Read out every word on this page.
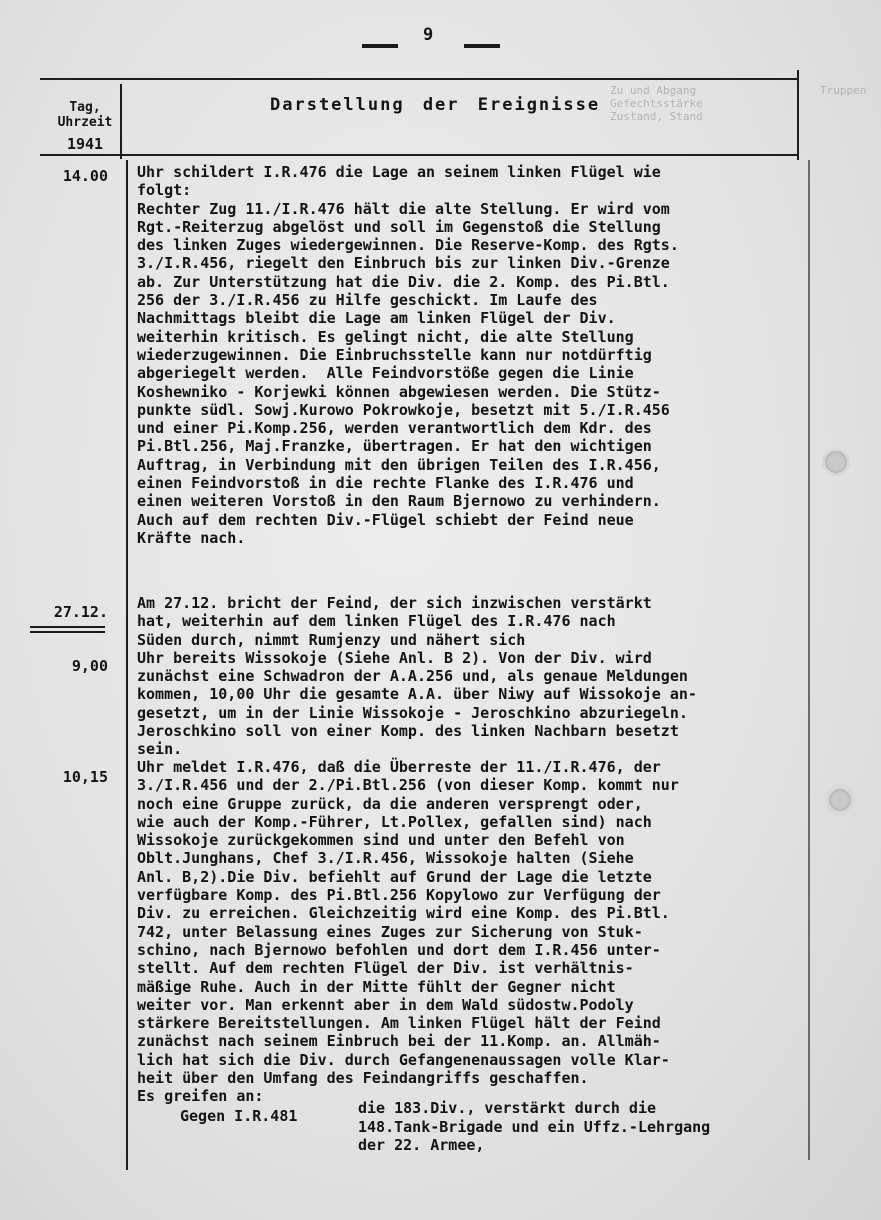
9
Tag,
Uhrzeit
1941
Darstellung der Ereignisse
Zu und Abgang
Gefechtsstärke
Zustand, Stand
Truppen
14.00 Uhr schildert I.R.476 die Lage an seinem linken Flügel wie
folgt:
Rechter Zug 11./I.R.476 hält die alte Stellung. Er wird vom
Rgt.-Reiterzug abgelöst und soll im Gegenstoß die Stellung
des linken Zuges wiedergewinnen. Die Reserve-Komp. des Rgts.
3./I.R.456, riegelt den Einbruch bis zur linken Div.-Grenze
ab. Zur Unterstützung hat die Div. die 2. Komp. des Pi.Btl.
256 der 3./I.R.456 zu Hilfe geschickt. Im Laufe des
Nachmittags bleibt die Lage am linken Flügel der Div.
weiterhin kritisch. Es gelingt nicht, die alte Stellung
wiederzugewinnen. Die Einbruchsstelle kann nur notdürftig
abgeriegelt werden.  Alle Feindvorstöße gegen die Linie
Koshewniko - Korjewki können abgewiesen werden. Die Stütz-
punkte südl. Sowj.Kurowo Pokrowkoje, besetzt mit 5./I.R.456
und einer Pi.Komp.256, werden verantwortlich dem Kdr. des
Pi.Btl.256, Maj.Franzke, übertragen. Er hat den wichtigen
Auftrag, in Verbindung mit den übrigen Teilen des I.R.456,
einen Feindvorstoß in die rechte Flanke des I.R.476 und
einen weiteren Vorstoß in den Raum Bjernowo zu verhindern.
Auch auf dem rechten Div.-Flügel schiebt der Feind neue
Kräfte nach.
27.12.
9,00
Am 27.12. bricht der Feind, der sich inzwischen verstärkt
hat, weiterhin auf dem linken Flügel des I.R.476 nach
Süden durch, nimmt Rumjenzy und nähert sich
Uhr bereits Wissokoje (Siehe Anl. B 2). Von der Div. wird
zunächst eine Schwadron der A.A.256 und, als genaue Meldungen
kommen, 10,00 Uhr die gesamte A.A. über Niwy auf Wissokoje an-
gesetzt, um in der Linie Wissokoje - Jeroschkino abzuriegeln.
Jeroschkino soll von einer Komp. des linken Nachbarn besetzt
sein.
10,15
Uhr meldet I.R.476, daß die Überreste der 11./I.R.476, der
3./I.R.456 und der 2./Pi.Btl.256 (von dieser Komp. kommt nur
noch eine Gruppe zurück, da die anderen versprengt oder,
wie auch der Komp.-Führer, Lt.Pollex, gefallen sind) nach
Wissokoje zurückgekommen sind und unter den Befehl von
Oblt.Junghans, Chef 3./I.R.456, Wissokoje halten (Siehe
Anl. B,2).Die Div. befiehlt auf Grund der Lage die letzte
verfügbare Komp. des Pi.Btl.256 Kopylowo zur Verfügung der
Div. zu erreichen. Gleichzeitig wird eine Komp. des Pi.Btl.
742, unter Belassung eines Zuges zur Sicherung von Stuk-
schino, nach Bjernowo befohlen und dort dem I.R.456 unter-
stellt. Auf dem rechten Flügel der Div. ist verhältnis-
mäßige Ruhe. Auch in der Mitte fühlt der Gegner nicht
weiter vor. Man erkennt aber in dem Wald südostw.Podoly
stärkere Bereitstellungen. Am linken Flügel hält der Feind
zunächst nach seinem Einbruch bei der 11.Komp. an. Allmäh-
lich hat sich die Div. durch Gefangenenaussagen volle Klar-
heit über den Umfang des Feindangriffs geschaffen.
Es greifen an:
Gegen I.R.481	die 183.Div., verstärkt durch die
148.Tank-Brigade und ein Uffz.-Lehrgang
der 22. Armee,
